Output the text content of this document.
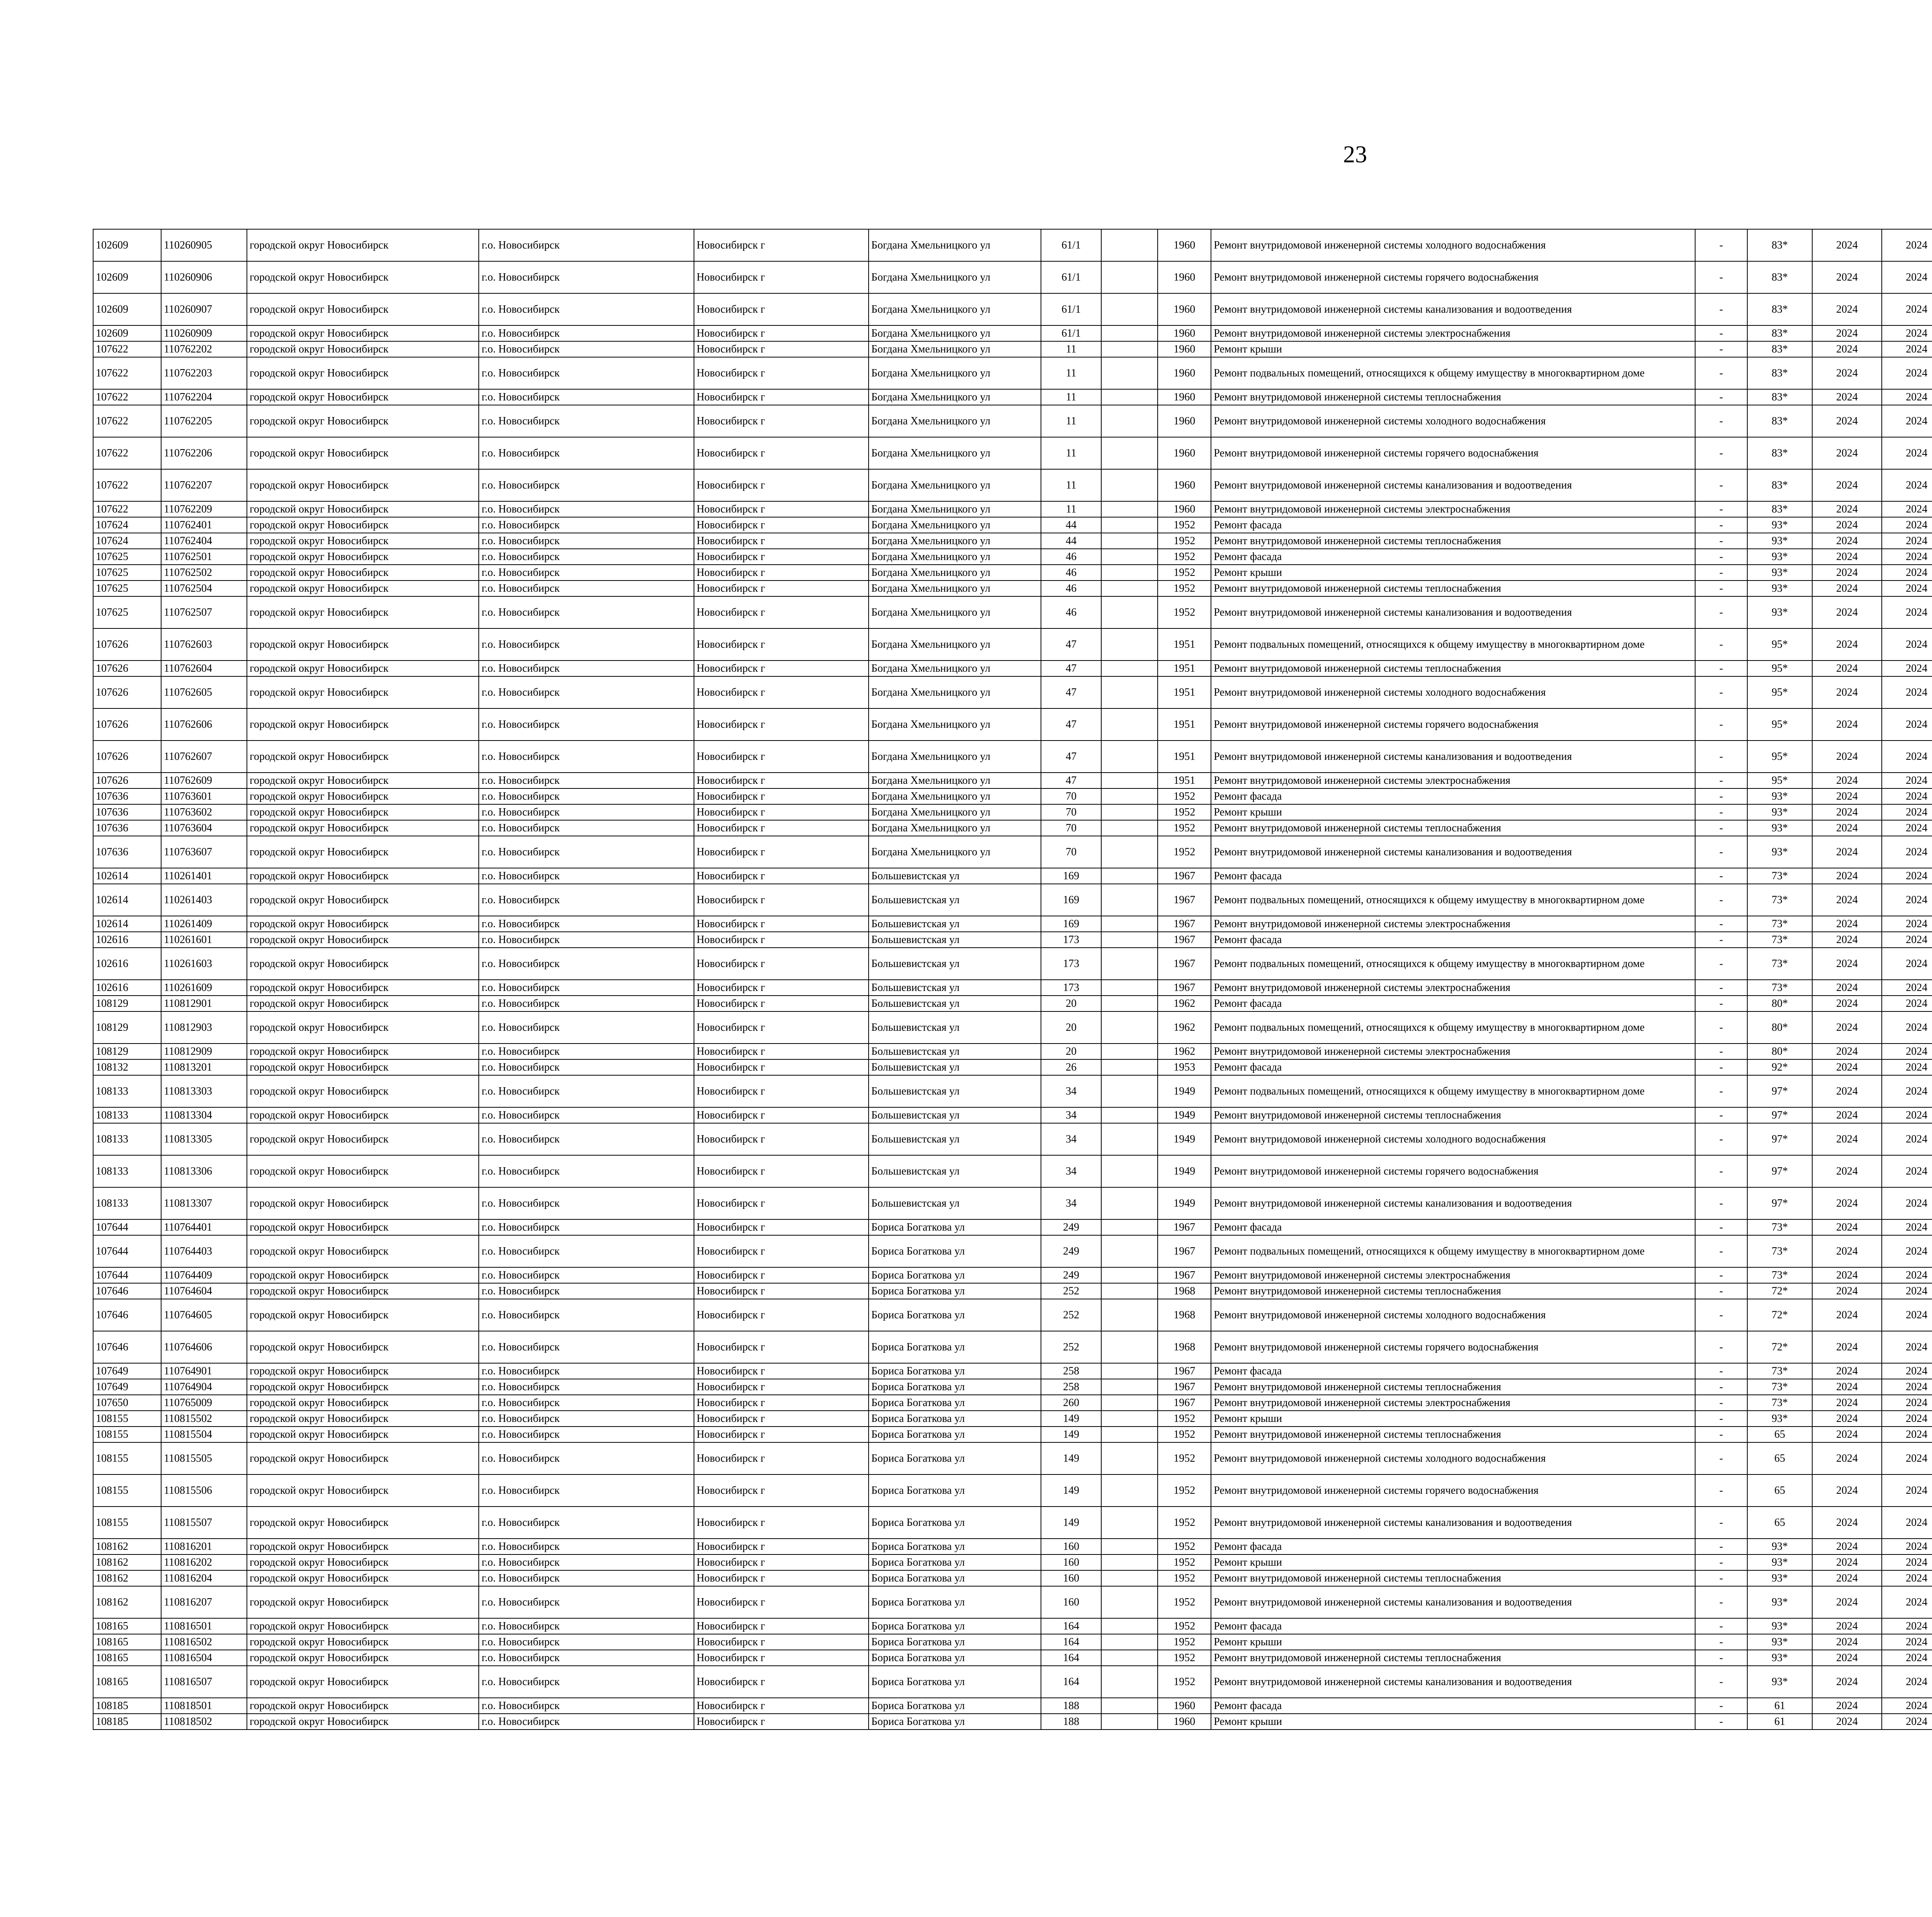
23
102609	110260905	городской округ Новосибирск	г.о. Новосибирск	Новосибирск г	Богдана Хмельницкого ул	61/1		1960	Ремонт внутридомовой инженерной системы холодного водоснабжения	-	83*	2024	2024					
102609	110260906	городской округ Новосибирск	г.о. Новосибирск	Новосибирск г	Богдана Хмельницкого ул	61/1		1960	Ремонт внутридомовой инженерной системы горячего водоснабжения	-	83*	2024	2024					
102609	110260907	городской округ Новосибирск	г.о. Новосибирск	Новосибирск г	Богдана Хмельницкого ул	61/1		1960	Ремонт внутридомовой инженерной системы канализования и водоотведения	-	83*	2024	2024					
102609	110260909	городской округ Новосибирск	г.о. Новосибирск	Новосибирск г	Богдана Хмельницкого ул	61/1		1960	Ремонт внутридомовой инженерной системы электроснабжения	-	83*	2024	2024					
107622	110762202	городской округ Новосибирск	г.о. Новосибирск	Новосибирск г	Богдана Хмельницкого ул	11		1960	Ремонт крыши	-	83*	2024	2024					
107622	110762203	городской округ Новосибирск	г.о. Новосибирск	Новосибирск г	Богдана Хмельницкого ул	11		1960	Ремонт подвальных помещений, относящихся к общему имуществу в многоквартирном доме	-	83*	2024	2024					
107622	110762204	городской округ Новосибирск	г.о. Новосибирск	Новосибирск г	Богдана Хмельницкого ул	11		1960	Ремонт внутридомовой инженерной системы теплоснабжения	-	83*	2024	2024					
107622	110762205	городской округ Новосибирск	г.о. Новосибирск	Новосибирск г	Богдана Хмельницкого ул	11		1960	Ремонт внутридомовой инженерной системы холодного водоснабжения	-	83*	2024	2024					
107622	110762206	городской округ Новосибирск	г.о. Новосибирск	Новосибирск г	Богдана Хмельницкого ул	11		1960	Ремонт внутридомовой инженерной системы горячего водоснабжения	-	83*	2024	2024					
107622	110762207	городской округ Новосибирск	г.о. Новосибирск	Новосибирск г	Богдана Хмельницкого ул	11		1960	Ремонт внутридомовой инженерной системы канализования и водоотведения	-	83*	2024	2024					
107622	110762209	городской округ Новосибирск	г.о. Новосибирск	Новосибирск г	Богдана Хмельницкого ул	11		1960	Ремонт внутридомовой инженерной системы электроснабжения	-	83*	2024	2024					
107624	110762401	городской округ Новосибирск	г.о. Новосибирск	Новосибирск г	Богдана Хмельницкого ул	44		1952	Ремонт фасада	-	93*	2024	2024					
107624	110762404	городской округ Новосибирск	г.о. Новосибирск	Новосибирск г	Богдана Хмельницкого ул	44		1952	Ремонт внутридомовой инженерной системы теплоснабжения	-	93*	2024	2024					
107625	110762501	городской округ Новосибирск	г.о. Новосибирск	Новосибирск г	Богдана Хмельницкого ул	46		1952	Ремонт фасада	-	93*	2024	2024					
107625	110762502	городской округ Новосибирск	г.о. Новосибирск	Новосибирск г	Богдана Хмельницкого ул	46		1952	Ремонт крыши	-	93*	2024	2024					
107625	110762504	городской округ Новосибирск	г.о. Новосибирск	Новосибирск г	Богдана Хмельницкого ул	46		1952	Ремонт внутридомовой инженерной системы теплоснабжения	-	93*	2024	2024					
107625	110762507	городской округ Новосибирск	г.о. Новосибирск	Новосибирск г	Богдана Хмельницкого ул	46		1952	Ремонт внутридомовой инженерной системы канализования и водоотведения	-	93*	2024	2024					
107626	110762603	городской округ Новосибирск	г.о. Новосибирск	Новосибирск г	Богдана Хмельницкого ул	47		1951	Ремонт подвальных помещений, относящихся к общему имуществу в многоквартирном доме	-	95*	2024	2024					
107626	110762604	городской округ Новосибирск	г.о. Новосибирск	Новосибирск г	Богдана Хмельницкого ул	47		1951	Ремонт внутридомовой инженерной системы теплоснабжения	-	95*	2024	2024					
107626	110762605	городской округ Новосибирск	г.о. Новосибирск	Новосибирск г	Богдана Хмельницкого ул	47		1951	Ремонт внутридомовой инженерной системы холодного водоснабжения	-	95*	2024	2024					
107626	110762606	городской округ Новосибирск	г.о. Новосибирск	Новосибирск г	Богдана Хмельницкого ул	47		1951	Ремонт внутридомовой инженерной системы горячего водоснабжения	-	95*	2024	2024					
107626	110762607	городской округ Новосибирск	г.о. Новосибирск	Новосибирск г	Богдана Хмельницкого ул	47		1951	Ремонт внутридомовой инженерной системы канализования и водоотведения	-	95*	2024	2024					
107626	110762609	городской округ Новосибирск	г.о. Новосибирск	Новосибирск г	Богдана Хмельницкого ул	47		1951	Ремонт внутридомовой инженерной системы электроснабжения	-	95*	2024	2024					
107636	110763601	городской округ Новосибирск	г.о. Новосибирск	Новосибирск г	Богдана Хмельницкого ул	70		1952	Ремонт фасада	-	93*	2024	2024					
107636	110763602	городской округ Новосибирск	г.о. Новосибирск	Новосибирск г	Богдана Хмельницкого ул	70		1952	Ремонт крыши	-	93*	2024	2024					
107636	110763604	городской округ Новосибирск	г.о. Новосибирск	Новосибирск г	Богдана Хмельницкого ул	70		1952	Ремонт внутридомовой инженерной системы теплоснабжения	-	93*	2024	2024					
107636	110763607	городской округ Новосибирск	г.о. Новосибирск	Новосибирск г	Богдана Хмельницкого ул	70		1952	Ремонт внутридомовой инженерной системы канализования и водоотведения	-	93*	2024	2024					
102614	110261401	городской округ Новосибирск	г.о. Новосибирск	Новосибирск г	Большевистская ул	169		1967	Ремонт фасада	-	73*	2024	2024					
102614	110261403	городской округ Новосибирск	г.о. Новосибирск	Новосибирск г	Большевистская ул	169		1967	Ремонт подвальных помещений, относящихся к общему имуществу в многоквартирном доме	-	73*	2024	2024					
102614	110261409	городской округ Новосибирск	г.о. Новосибирск	Новосибирск г	Большевистская ул	169		1967	Ремонт внутридомовой инженерной системы электроснабжения	-	73*	2024	2024					
102616	110261601	городской округ Новосибирск	г.о. Новосибирск	Новосибирск г	Большевистская ул	173		1967	Ремонт фасада	-	73*	2024	2024					
102616	110261603	городской округ Новосибирск	г.о. Новосибирск	Новосибирск г	Большевистская ул	173		1967	Ремонт подвальных помещений, относящихся к общему имуществу в многоквартирном доме	-	73*	2024	2024					
102616	110261609	городской округ Новосибирск	г.о. Новосибирск	Новосибирск г	Большевистская ул	173		1967	Ремонт внутридомовой инженерной системы электроснабжения	-	73*	2024	2024					
108129	110812901	городской округ Новосибирск	г.о. Новосибирск	Новосибирск г	Большевистская ул	20		1962	Ремонт фасада	-	80*	2024	2024					
108129	110812903	городской округ Новосибирск	г.о. Новосибирск	Новосибирск г	Большевистская ул	20		1962	Ремонт подвальных помещений, относящихся к общему имуществу в многоквартирном доме	-	80*	2024	2024					
108129	110812909	городской округ Новосибирск	г.о. Новосибирск	Новосибирск г	Большевистская ул	20		1962	Ремонт внутридомовой инженерной системы электроснабжения	-	80*	2024	2024					
108132	110813201	городской округ Новосибирск	г.о. Новосибирск	Новосибирск г	Большевистская ул	26		1953	Ремонт фасада	-	92*	2024	2024					
108133	110813303	городской округ Новосибирск	г.о. Новосибирск	Новосибирск г	Большевистская ул	34		1949	Ремонт подвальных помещений, относящихся к общему имуществу в многоквартирном доме	-	97*	2024	2024					
108133	110813304	городской округ Новосибирск	г.о. Новосибирск	Новосибирск г	Большевистская ул	34		1949	Ремонт внутридомовой инженерной системы теплоснабжения	-	97*	2024	2024					
108133	110813305	городской округ Новосибирск	г.о. Новосибирск	Новосибирск г	Большевистская ул	34		1949	Ремонт внутридомовой инженерной системы холодного водоснабжения	-	97*	2024	2024					
108133	110813306	городской округ Новосибирск	г.о. Новосибирск	Новосибирск г	Большевистская ул	34		1949	Ремонт внутридомовой инженерной системы горячего водоснабжения	-	97*	2024	2024					
108133	110813307	городской округ Новосибирск	г.о. Новосибирск	Новосибирск г	Большевистская ул	34		1949	Ремонт внутридомовой инженерной системы канализования и водоотведения	-	97*	2024	2024					
107644	110764401	городской округ Новосибирск	г.о. Новосибирск	Новосибирск г	Бориса Богаткова ул	249		1967	Ремонт фасада	-	73*	2024	2024					
107644	110764403	городской округ Новосибирск	г.о. Новосибирск	Новосибирск г	Бориса Богаткова ул	249		1967	Ремонт подвальных помещений, относящихся к общему имуществу в многоквартирном доме	-	73*	2024	2024					
107644	110764409	городской округ Новосибирск	г.о. Новосибирск	Новосибирск г	Бориса Богаткова ул	249		1967	Ремонт внутридомовой инженерной системы электроснабжения	-	73*	2024	2024					
107646	110764604	городской округ Новосибирск	г.о. Новосибирск	Новосибирск г	Бориса Богаткова ул	252		1968	Ремонт внутридомовой инженерной системы теплоснабжения	-	72*	2024	2024					
107646	110764605	городской округ Новосибирск	г.о. Новосибирск	Новосибирск г	Бориса Богаткова ул	252		1968	Ремонт внутридомовой инженерной системы холодного водоснабжения	-	72*	2024	2024					
107646	110764606	городской округ Новосибирск	г.о. Новосибирск	Новосибирск г	Бориса Богаткова ул	252		1968	Ремонт внутридомовой инженерной системы горячего водоснабжения	-	72*	2024	2024					
107649	110764901	городской округ Новосибирск	г.о. Новосибирск	Новосибирск г	Бориса Богаткова ул	258		1967	Ремонт фасада	-	73*	2024	2024					
107649	110764904	городской округ Новосибирск	г.о. Новосибирск	Новосибирск г	Бориса Богаткова ул	258		1967	Ремонт внутридомовой инженерной системы теплоснабжения	-	73*	2024	2024					
107650	110765009	городской округ Новосибирск	г.о. Новосибирск	Новосибирск г	Бориса Богаткова ул	260		1967	Ремонт внутридомовой инженерной системы электроснабжения	-	73*	2024	2024					
108155	110815502	городской округ Новосибирск	г.о. Новосибирск	Новосибирск г	Бориса Богаткова ул	149		1952	Ремонт крыши	-	93*	2024	2024					
108155	110815504	городской округ Новосибирск	г.о. Новосибирск	Новосибирск г	Бориса Богаткова ул	149		1952	Ремонт внутридомовой инженерной системы теплоснабжения	-	65	2024	2024					
108155	110815505	городской округ Новосибирск	г.о. Новосибирск	Новосибирск г	Бориса Богаткова ул	149		1952	Ремонт внутридомовой инженерной системы холодного водоснабжения	-	65	2024	2024					
108155	110815506	городской округ Новосибирск	г.о. Новосибирск	Новосибирск г	Бориса Богаткова ул	149		1952	Ремонт внутридомовой инженерной системы горячего водоснабжения	-	65	2024	2024					
108155	110815507	городской округ Новосибирск	г.о. Новосибирск	Новосибирск г	Бориса Богаткова ул	149		1952	Ремонт внутридомовой инженерной системы канализования и водоотведения	-	65	2024	2024					
108162	110816201	городской округ Новосибирск	г.о. Новосибирск	Новосибирск г	Бориса Богаткова ул	160		1952	Ремонт фасада	-	93*	2024	2024					
108162	110816202	городской округ Новосибирск	г.о. Новосибирск	Новосибирск г	Бориса Богаткова ул	160		1952	Ремонт крыши	-	93*	2024	2024					
108162	110816204	городской округ Новосибирск	г.о. Новосибирск	Новосибирск г	Бориса Богаткова ул	160		1952	Ремонт внутридомовой инженерной системы теплоснабжения	-	93*	2024	2024					
108162	110816207	городской округ Новосибирск	г.о. Новосибирск	Новосибирск г	Бориса Богаткова ул	160		1952	Ремонт внутридомовой инженерной системы канализования и водоотведения	-	93*	2024	2024					
108165	110816501	городской округ Новосибирск	г.о. Новосибирск	Новосибирск г	Бориса Богаткова ул	164		1952	Ремонт фасада	-	93*	2024	2024					
108165	110816502	городской округ Новосибирск	г.о. Новосибирск	Новосибирск г	Бориса Богаткова ул	164		1952	Ремонт крыши	-	93*	2024	2024					
108165	110816504	городской округ Новосибирск	г.о. Новосибирск	Новосибирск г	Бориса Богаткова ул	164		1952	Ремонт внутридомовой инженерной системы теплоснабжения	-	93*	2024	2024					
108165	110816507	городской округ Новосибирск	г.о. Новосибирск	Новосибирск г	Бориса Богаткова ул	164		1952	Ремонт внутридомовой инженерной системы канализования и водоотведения	-	93*	2024	2024					
108185	110818501	городской округ Новосибирск	г.о. Новосибирск	Новосибирск г	Бориса Богаткова ул	188		1960	Ремонт фасада	-	61	2024	2024					
108185	110818502	городской округ Новосибирск	г.о. Новосибирск	Новосибирск г	Бориса Богаткова ул	188		1960	Ремонт крыши	-	61	2024	2024					
